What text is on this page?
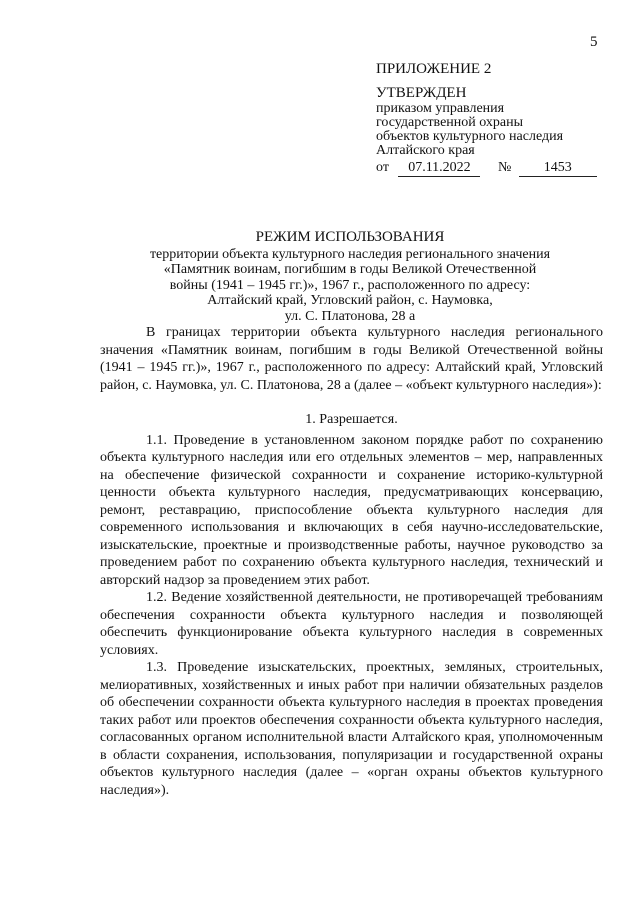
5
ПРИЛОЖЕНИЕ 2
УТВЕРЖДЕН
приказом управления
государственной охраны
объектов культурного наследия
Алтайского края
от 07.11.2022 № 1453
РЕЖИМ ИСПОЛЬЗОВАНИЯ
территории объекта культурного наследия регионального значения
«Памятник воинам, погибшим в годы Великой Отечественной
войны (1941 – 1945 гг.)», 1967 г., расположенного по адресу:
Алтайский край, Угловский район, с. Наумовка,
ул. С. Платонова, 28 а

В границах территории объекта культурного наследия регионального значения «Памятник воинам, погибшим в годы Великой Отечественной войны (1941 – 1945 гг.)», 1967 г., расположенного по адресу: Алтайский край, Угловский район, с. Наумовка, ул. С. Платонова, 28 а (далее – «объект культурного наследия»):

1. Разрешается.

1.1. Проведение в установленном законом порядке работ по сохранению объекта культурного наследия или его отдельных элементов – мер, направленных на обеспечение физической сохранности и сохранение историко-культурной ценности объекта культурного наследия, предусматривающих консервацию, ремонт, реставрацию, приспособление объекта культурного наследия для современного использования и включающих в себя научно-исследовательские, изыскательские, проектные и производственные работы, научное руководство за проведением работ по сохранению объекта культурного наследия, технический и авторский надзор за проведением этих работ.

1.2. Ведение хозяйственной деятельности, не противоречащей требованиям обеспечения сохранности объекта культурного наследия и позволяющей обеспечить функционирование объекта культурного наследия в современных условиях.

1.3. Проведение изыскательских, проектных, земляных, строительных, мелиоративных, хозяйственных и иных работ при наличии обязательных разделов об обеспечении сохранности объекта культурного наследия в проектах проведения таких работ или проектов обеспечения сохранности объекта культурного наследия, согласованных органом исполнительной власти Алтайского края, уполномоченным в области сохранения, использования, популяризации и государственной охраны объектов культурного наследия (далее – «орган охраны объектов культурного наследия»).
